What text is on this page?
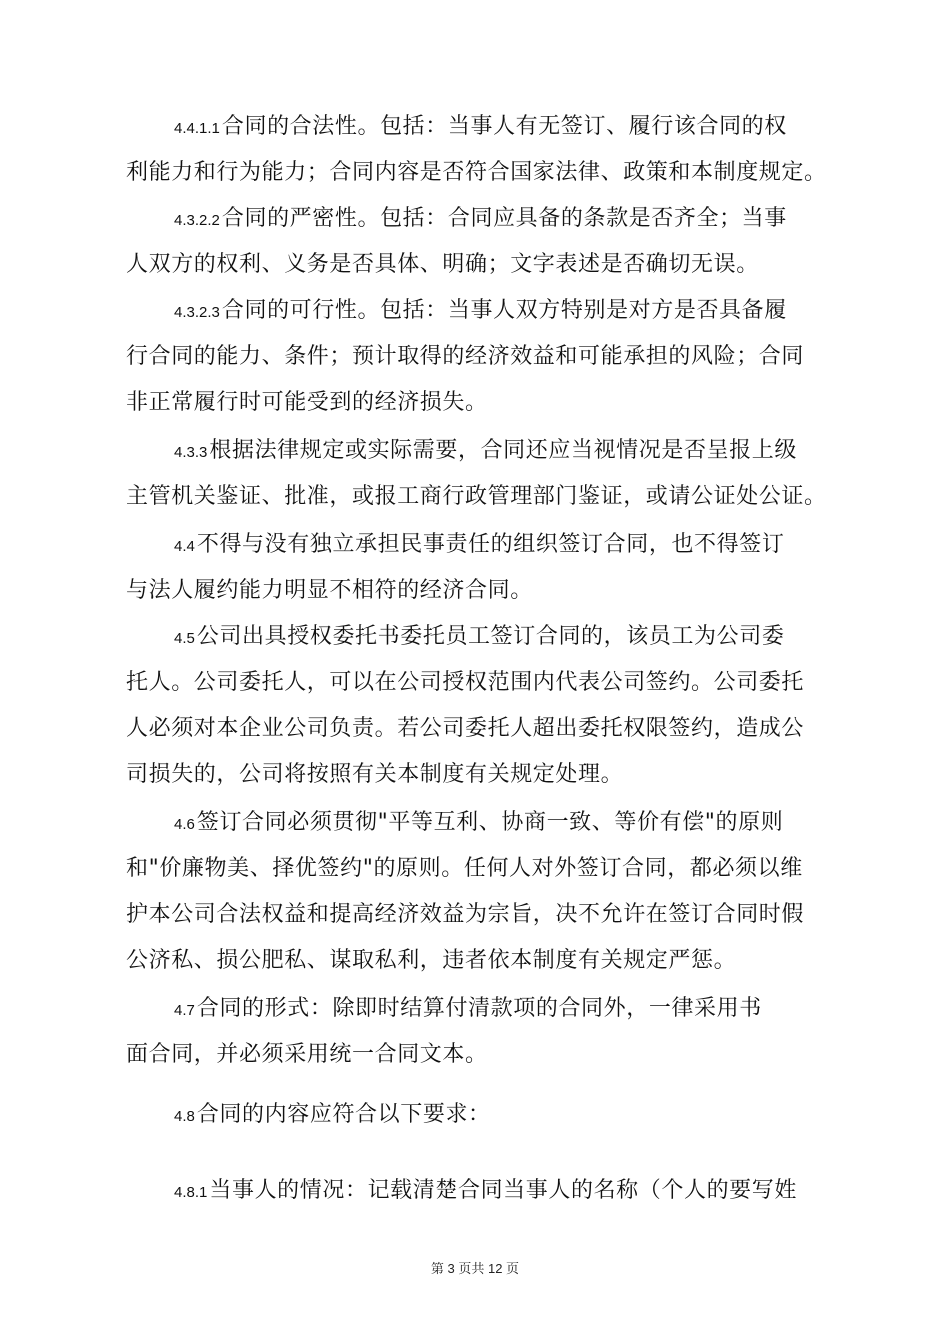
4.4.1.1合同的合法性。包括：当事人有无签订、履行该合同的权
利能力和行为能力；合同内容是否符合国家法律、政策和本制度规定。
4.3.2.2合同的严密性。包括：合同应具备的条款是否齐全；当事
人双方的权利、义务是否具体、明确；文字表述是否确切无误。
4.3.2.3合同的可行性。包括：当事人双方特别是对方是否具备履
行合同的能力、条件；预计取得的经济效益和可能承担的风险；合同
非正常履行时可能受到的经济损失。
4.3.3根据法律规定或实际需要，合同还应当视情况是否呈报上级
主管机关鉴证、批准，或报工商行政管理部门鉴证，或请公证处公证。
4.4不得与没有独立承担民事责任的组织签订合同，也不得签订
与法人履约能力明显不相符的经济合同。
4.5公司出具授权委托书委托员工签订合同的，该员工为公司委
托人。公司委托人，可以在公司授权范围内代表公司签约。公司委托
人必须对本企业公司负责。若公司委托人超出委托权限签约，造成公
司损失的，公司将按照有关本制度有关规定处理。
4.6签订合同必须贯彻"平等互利、协商一致、等价有偿"的原则
和"价廉物美、择优签约"的原则。任何人对外签订合同，都必须以维
护本公司合法权益和提高经济效益为宗旨，决不允许在签订合同时假
公济私、损公肥私、谋取私利，违者依本制度有关规定严惩。
4.7合同的形式：除即时结算付清款项的合同外，一律采用书
面合同，并必须采用统一合同文本。
4.8合同的内容应符合以下要求：
4.8.1当事人的情况：记载清楚合同当事人的名称（个人的要写姓
第 3 页共 12 页
